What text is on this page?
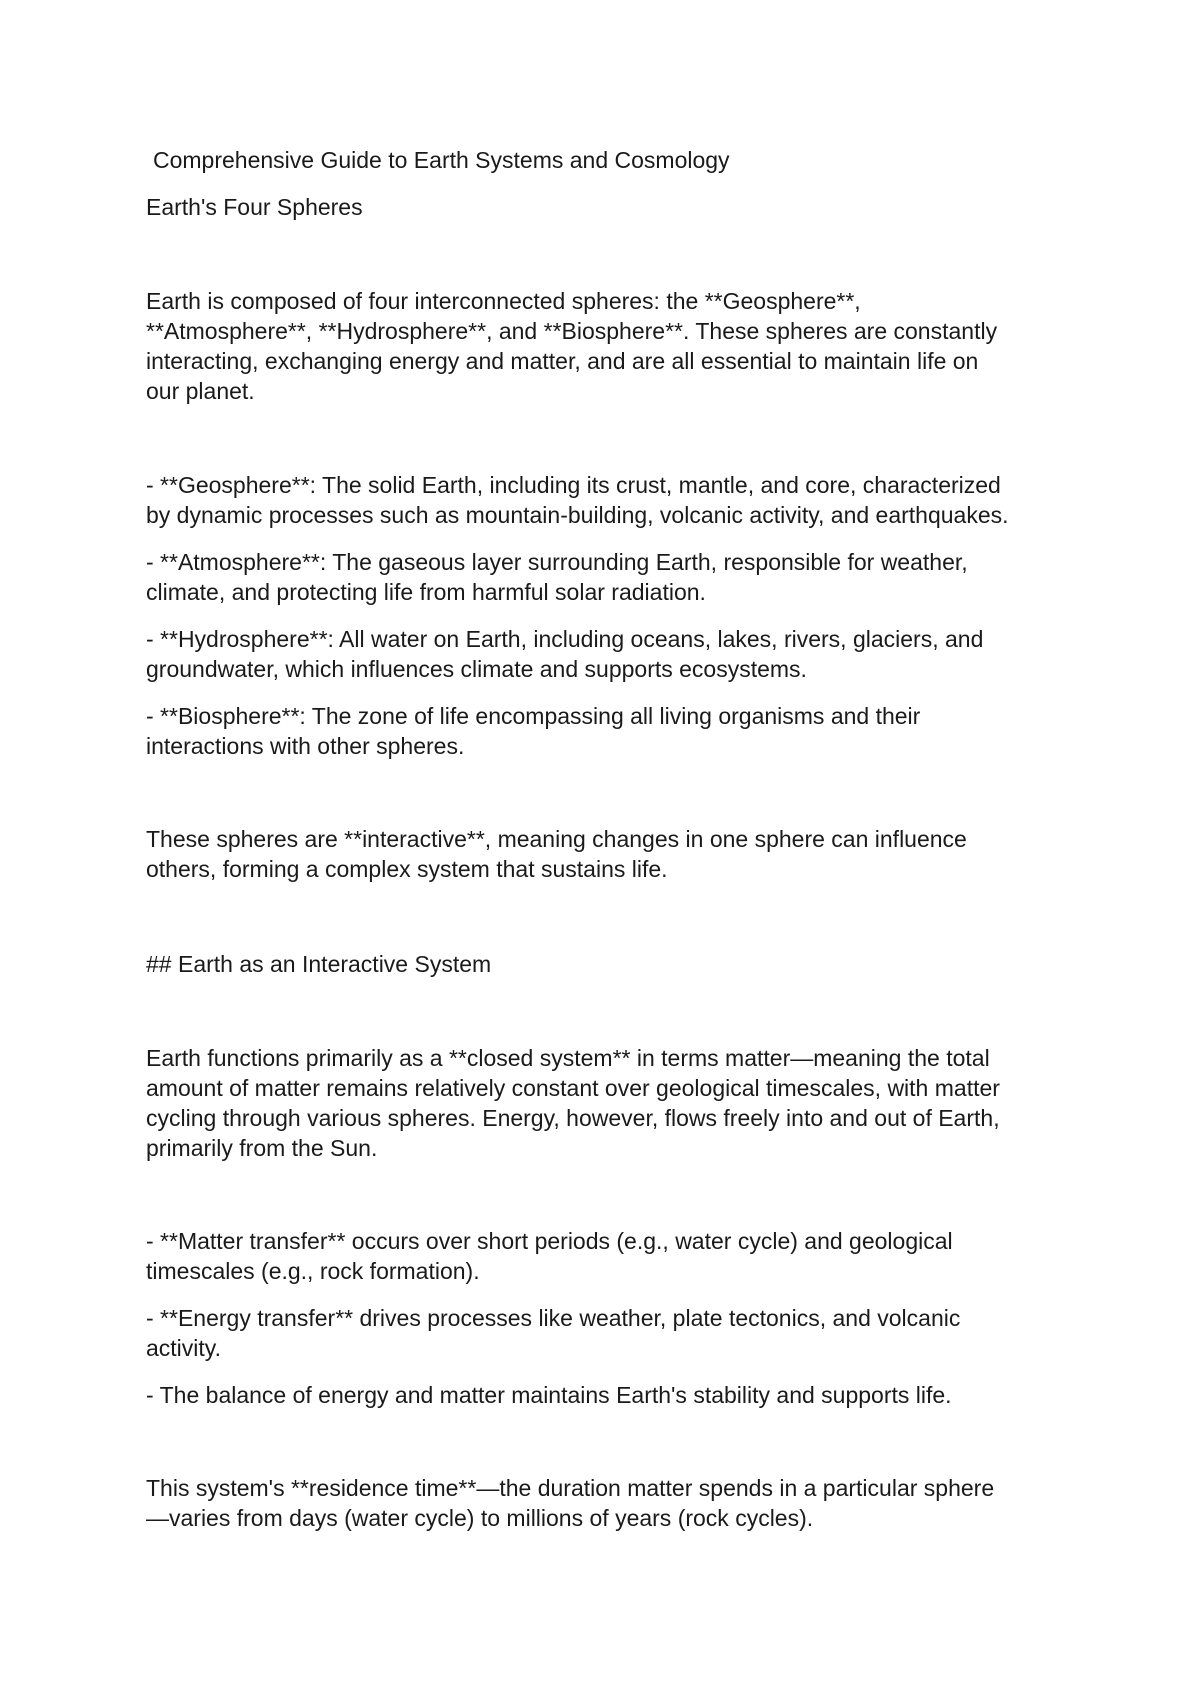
Comprehensive Guide to Earth Systems and Cosmology

Earth's Four Spheres

Earth is composed of four interconnected spheres: the **Geosphere**,

**Atmosphere**, **Hydrosphere**, and **Biosphere**. These spheres are constantly

interacting, exchanging energy and matter, and are all essential to maintain life on

our planet.

- **Geosphere**: The solid Earth, including its crust, mantle, and core, characterized

by dynamic processes such as mountain-building, volcanic activity, and earthquakes.

- **Atmosphere**: The gaseous layer surrounding Earth, responsible for weather,

climate, and protecting life from harmful solar radiation.

- **Hydrosphere**: All water on Earth, including oceans, lakes, rivers, glaciers, and

groundwater, which influences climate and supports ecosystems.

- **Biosphere**: The zone of life encompassing all living organisms and their

interactions with other spheres.

These spheres are **interactive**, meaning changes in one sphere can influence

others, forming a complex system that sustains life.

## Earth as an Interactive System

Earth functions primarily as a **closed system** in terms matter—meaning the total

amount of matter remains relatively constant over geological timescales, with matter

cycling through various spheres. Energy, however, flows freely into and out of Earth,

primarily from the Sun.

- **Matter transfer** occurs over short periods (e.g., water cycle) and geological

timescales (e.g., rock formation).

- **Energy transfer** drives processes like weather, plate tectonics, and volcanic

activity.

- The balance of energy and matter maintains Earth's stability and supports life.

This system's **residence time**—the duration matter spends in a particular sphere

—varies from days (water cycle) to millions of years (rock cycles).
